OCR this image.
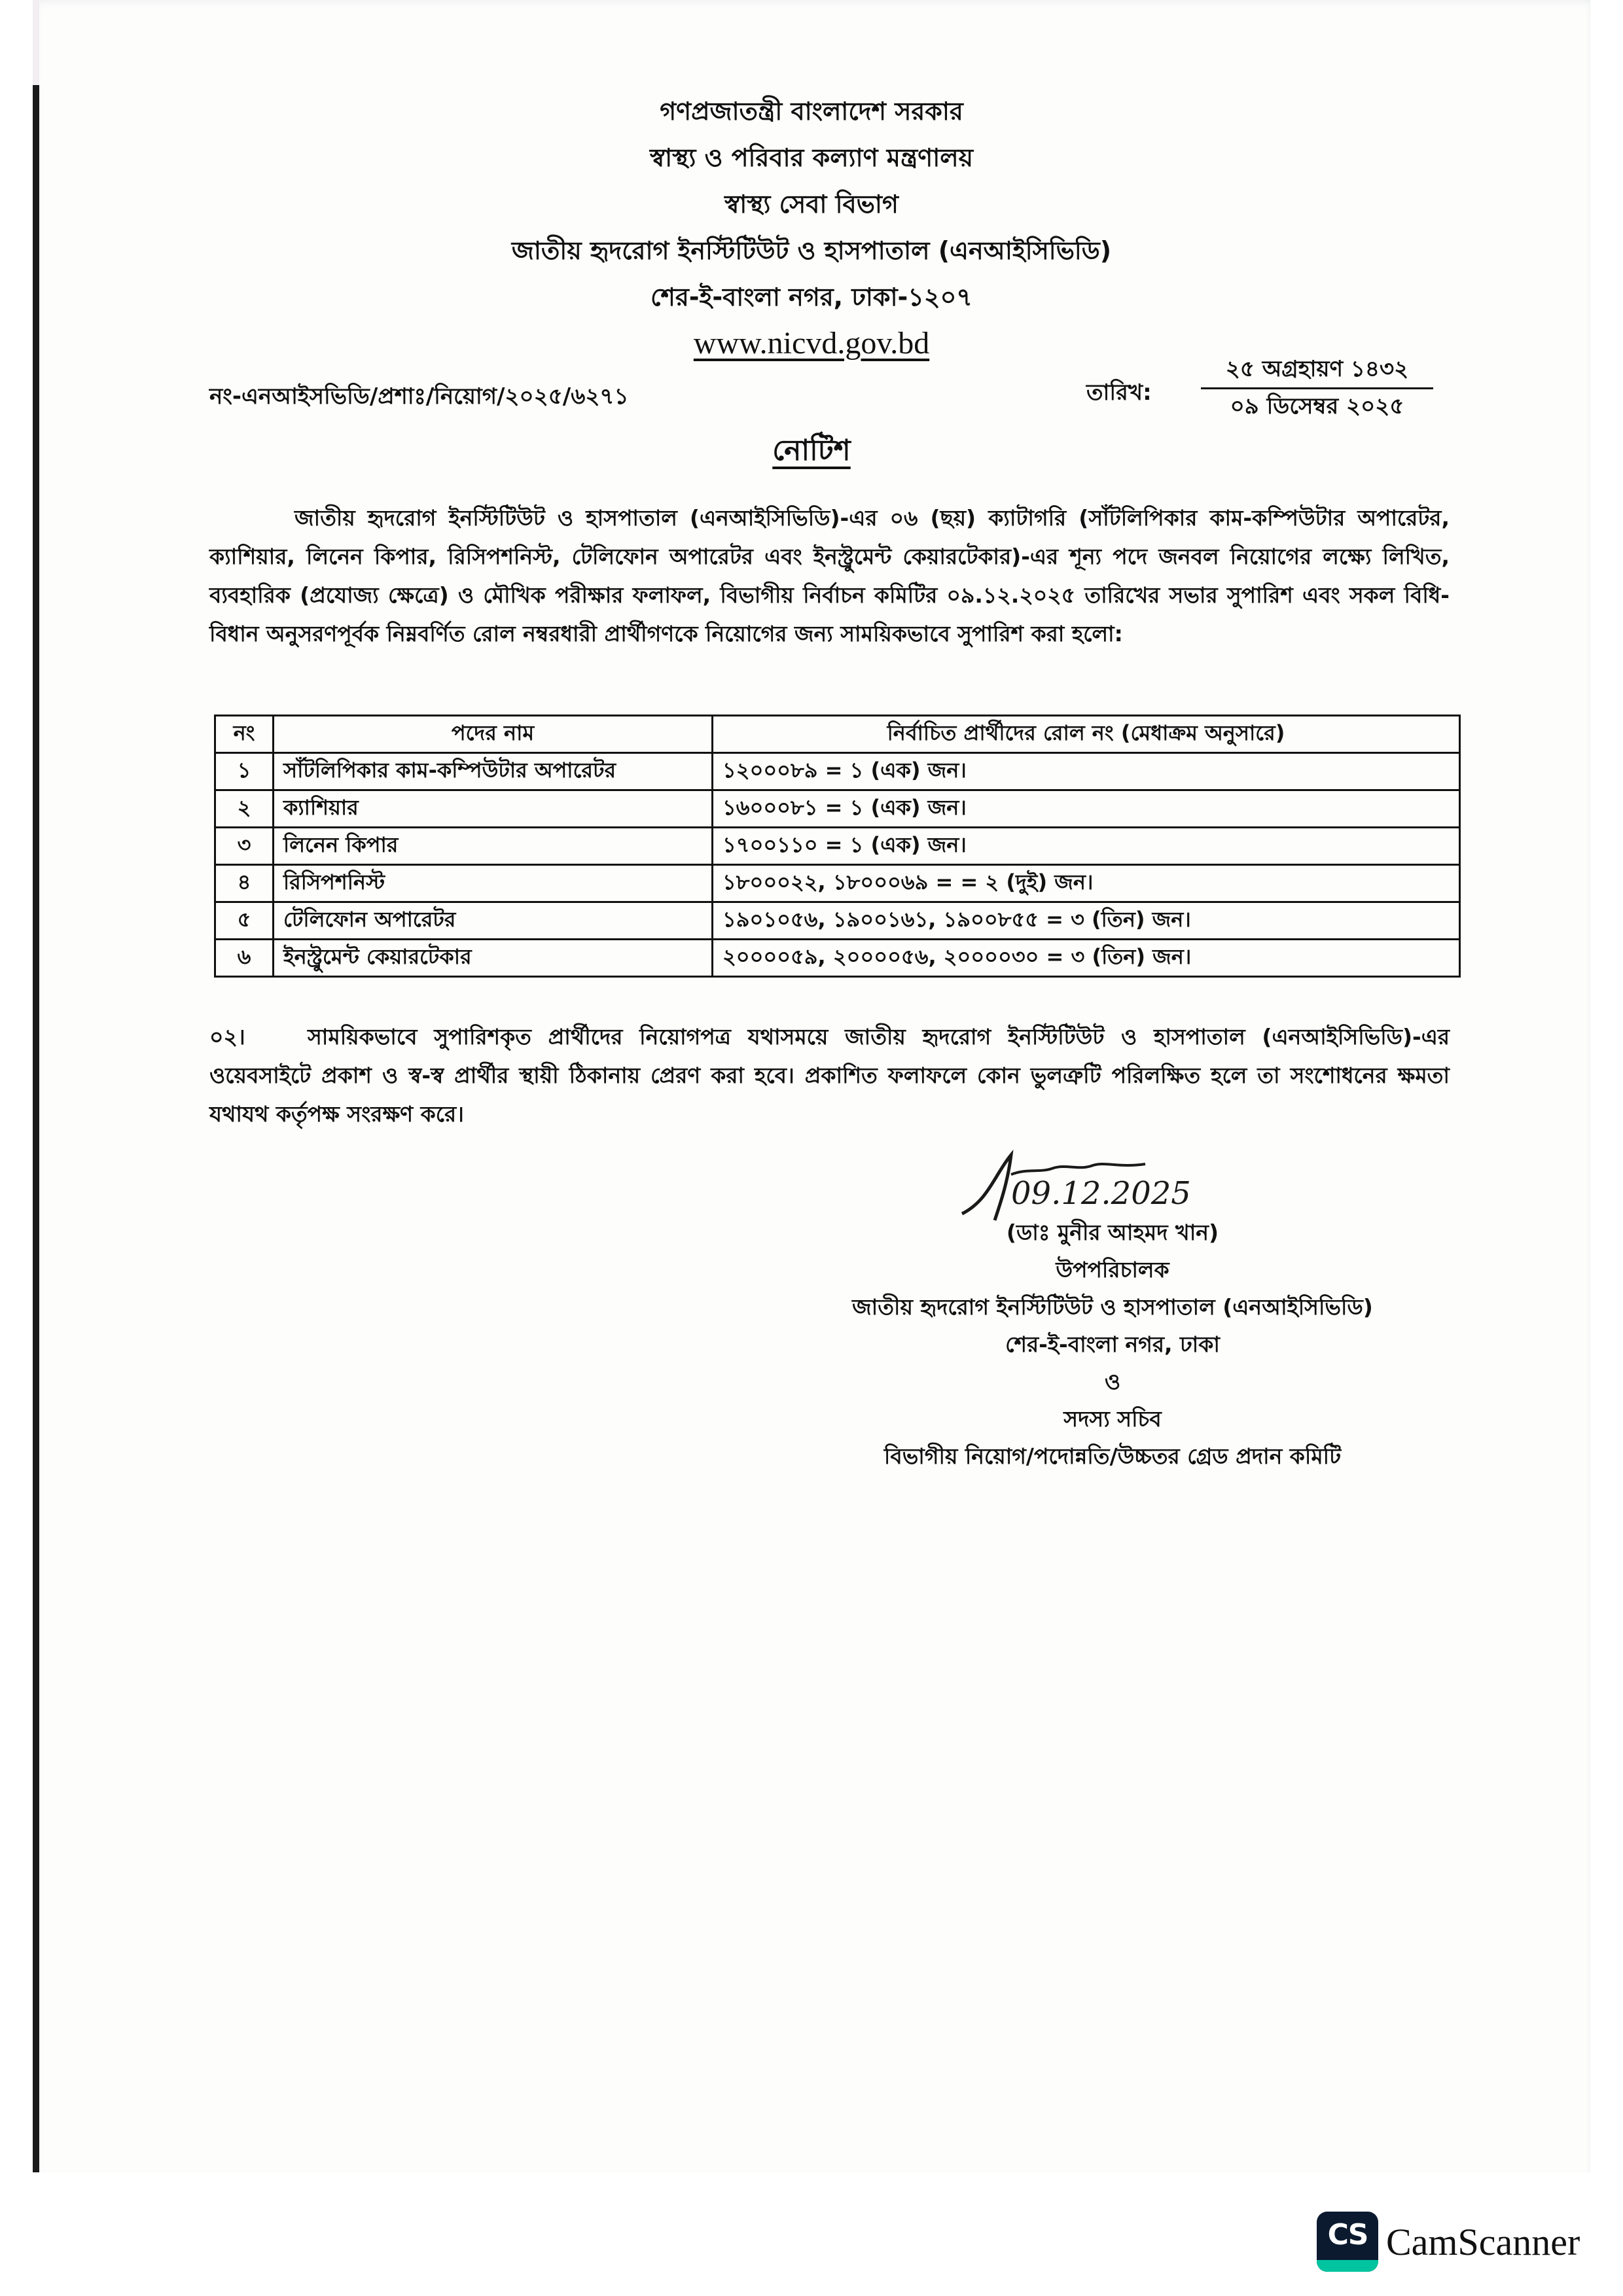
গণপ্রজাতন্ত্রী বাংলাদেশ সরকার
স্বাস্থ্য ও পরিবার কল্যাণ মন্ত্রণালয়
স্বাস্থ্য সেবা বিভাগ
জাতীয় হৃদরোগ ইনস্টিটিউট ও হাসপাতাল (এনআইসিভিডি)
শের-ই-বাংলা নগর, ঢাকা-১২০৭
www.nicvd.gov.bd
নং-এনআইসভিডি/প্রশাঃ/নিয়োগ/২০২৫/৬২৭১	তারিখ:
২৫ অগ্রহায়ণ ১৪৩২
০৯ ডিসেম্বর ২০২৫
নোটিশ
জাতীয় হৃদরোগ ইনস্টিটিউট ও হাসপাতাল (এনআইসিভিডি)-এর ০৬ (ছয়) ক্যাটাগরি (সাঁটলিপিকার কাম-কম্পিউটার অপারেটর, ক্যাশিয়ার, লিনেন কিপার, রিসিপশনিস্ট, টেলিফোন অপারেটর এবং ইনস্ট্রুমেন্ট কেয়ারটেকার)-এর শূন্য পদে জনবল নিয়োগের লক্ষ্যে লিখিত, ব্যবহারিক (প্রযোজ্য ক্ষেত্রে) ও মৌখিক পরীক্ষার ফলাফল, বিভাগীয় নির্বাচন কমিটির ০৯.১২.২০২৫ তারিখের সভার সুপারিশ এবং সকল বিধি-বিধান অনুসরণপূর্বক নিম্নবর্ণিত রোল নম্বরধারী প্রার্থীগণকে নিয়োগের জন্য সাময়িকভাবে সুপারিশ করা হলো:
নং	পদের নাম	নির্বাচিত প্রার্থীদের রোল নং (মেধাক্রম অনুসারে)
১	সাঁটলিপিকার কাম-কম্পিউটার অপারেটর	১২০০০৮৯ = ১ (এক) জন।
২	ক্যাশিয়ার	১৬০০০৮১ = ১ (এক) জন।
৩	লিনেন কিপার	১৭০০১১০ = ১ (এক) জন।
৪	রিসিপশনিস্ট	১৮০০০২২, ১৮০০০৬৯ = = ২ (দুই) জন।
৫	টেলিফোন অপারেটর	১৯০১০৫৬, ১৯০০১৬১, ১৯০০৮৫৫ = ৩ (তিন) জন।
৬	ইনস্ট্রুমেন্ট কেয়ারটেকার	২০০০০৫৯, ২০০০০৫৬, ২০০০০৩০ = ৩ (তিন) জন।
০২।	সাময়িকভাবে সুপারিশকৃত প্রার্থীদের নিয়োগপত্র যথাসময়ে জাতীয় হৃদরোগ ইনস্টিটিউট ও হাসপাতাল (এনআইসিভিডি)-এর ওয়েবসাইটে প্রকাশ ও স্ব-স্ব প্রার্থীর স্থায়ী ঠিকানায় প্রেরণ করা হবে। প্রকাশিত ফলাফলে কোন ভুলত্রুটি পরিলক্ষিত হলে তা সংশোধনের ক্ষমতা যথাযথ কর্তৃপক্ষ সংরক্ষণ করে।
09.12.2025
(ডাঃ মুনীর আহমদ খান)
উপপরিচালক
জাতীয় হৃদরোগ ইনস্টিটিউট ও হাসপাতাল (এনআইসিভিডি)
শের-ই-বাংলা নগর, ঢাকা
ও
সদস্য সচিব
বিভাগীয় নিয়োগ/পদোন্নতি/উচ্চতর গ্রেড প্রদান কমিটি
CS CamScanner
